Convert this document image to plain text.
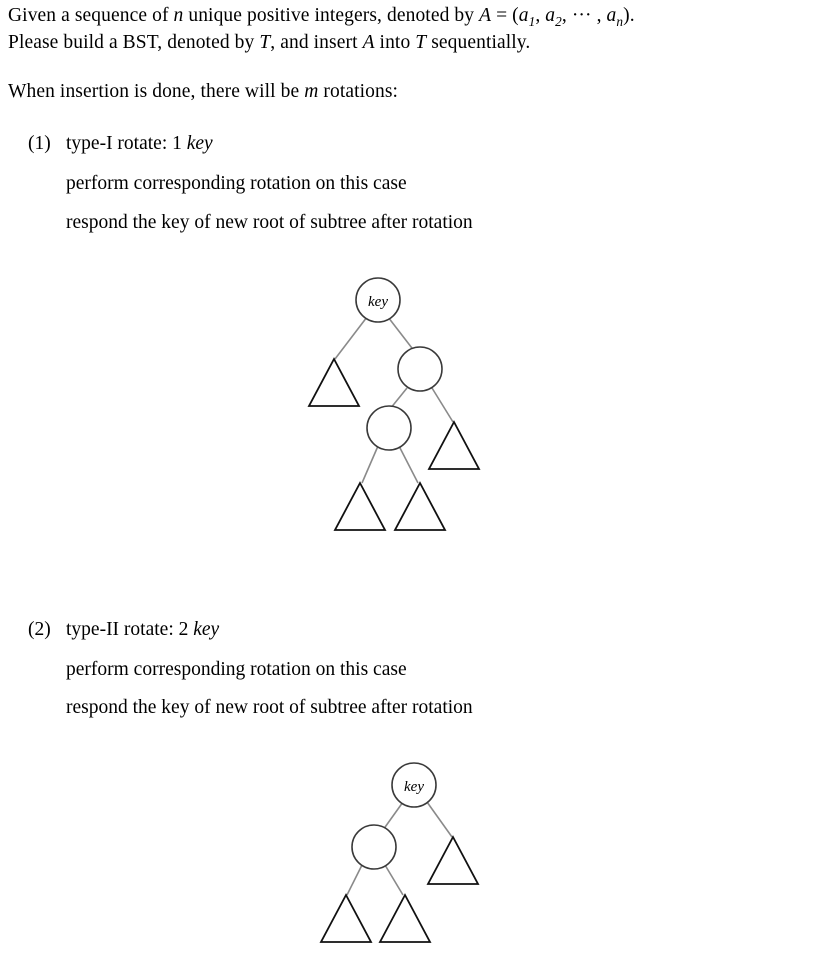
Given a sequence of n unique positive integers, denoted by $A = (a_1$, $a_2$, ··· , $a_n$).
Please build a BST, denoted by T, and insert A into T sequentially.
When insertion is done, there will be m rotations:
(1) type-I rotate: 1 key
perform corresponding rotation on this case
respond the key of new root of subtree after rotation
key
(2) type-II rotate: 2 key
perform corresponding rotation on this case
respond the key of new root of subtree after rotation
key
